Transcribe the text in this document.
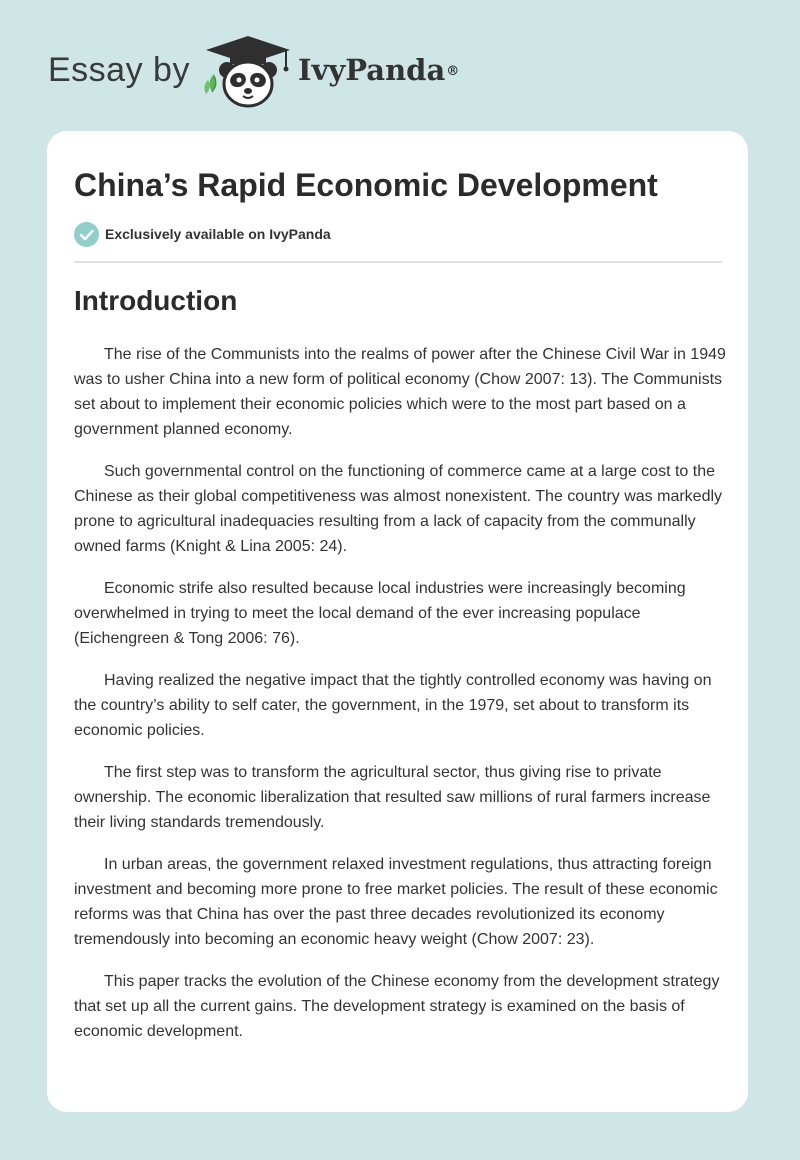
Essay by	IvyPanda®
China’s Rapid Economic Development
Exclusively available on IvyPanda
Introduction

The rise of the Communists into the realms of power after the Chinese Civil War in 1949 was to usher China into a new form of political economy (Chow 2007: 13). The Communists set about to implement their economic policies which were to the most part based on a government planned economy.

Such governmental control on the functioning of commerce came at a large cost to the Chinese as their global competitiveness was almost nonexistent. The country was markedly prone to agricultural inadequacies resulting from a lack of capacity from the communally owned farms (Knight & Lina 2005: 24).

Economic strife also resulted because local industries were increasingly becoming overwhelmed in trying to meet the local demand of the ever increasing populace (Eichengreen & Tong 2006: 76).

Having realized the negative impact that the tightly controlled economy was having on the country’s ability to self cater, the government, in the 1979, set about to transform its economic policies.

The first step was to transform the agricultural sector, thus giving rise to private ownership. The economic liberalization that resulted saw millions of rural farmers increase their living standards tremendously.

In urban areas, the government relaxed investment regulations, thus attracting foreign investment and becoming more prone to free market policies. The result of these economic reforms was that China has over the past three decades revolutionized its economy tremendously into becoming an economic heavy weight (Chow 2007: 23).

This paper tracks the evolution of the Chinese economy from the development strategy that set up all the current gains. The development strategy is examined on the basis of economic development.
